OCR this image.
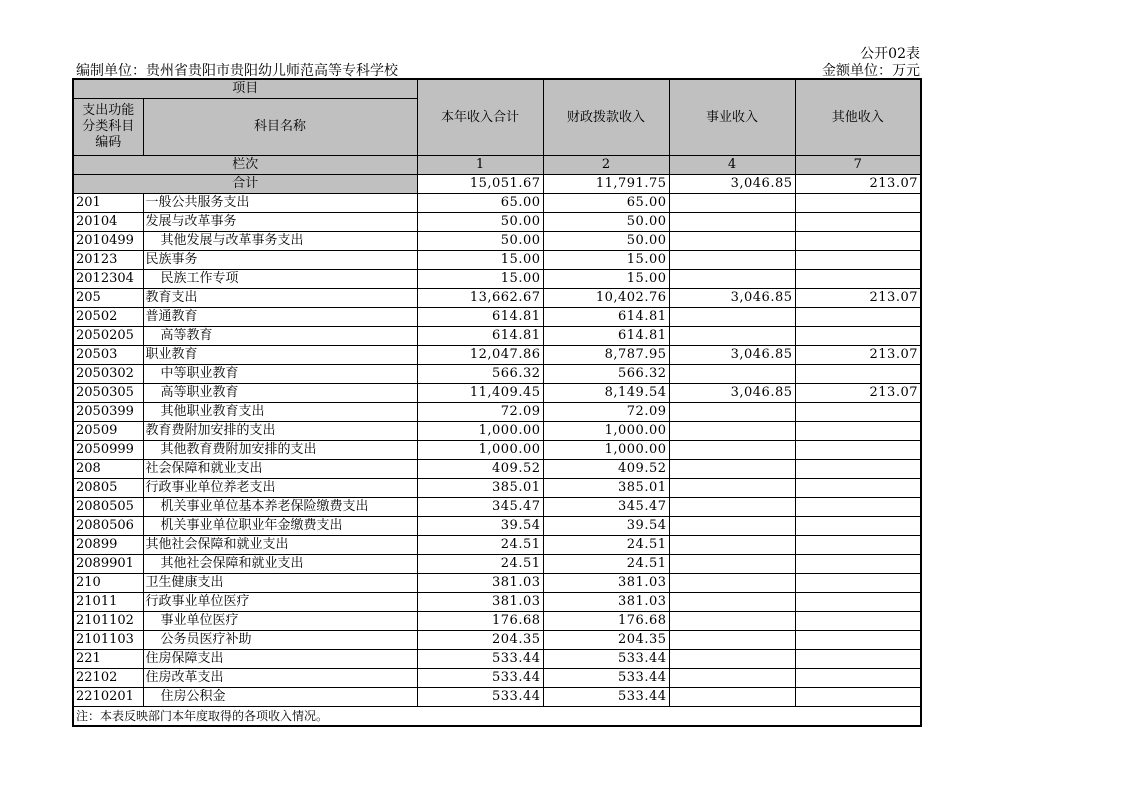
公开02表
编制单位：贵州省贵阳市贵阳幼儿师范高等专科学校	金额单位：万元
项目		本年收入合计	财政拨款收入	事业收入	其他收入
支出功能分类科目编码	科目名称				
栏次		1	2	4	7
合计		15,051.67	11,791.75	3,046.85	213.07
201	一般公共服务支出	65.00	65.00		
20104	发展与改革事务	50.00	50.00		
2010499	其他发展与改革事务支出	50.00	50.00		
20123	民族事务	15.00	15.00		
2012304	民族工作专项	15.00	15.00		
205	教育支出	13,662.67	10,402.76	3,046.85	213.07
20502	普通教育	614.81	614.81		
2050205	高等教育	614.81	614.81		
20503	职业教育	12,047.86	8,787.95	3,046.85	213.07
2050302	中等职业教育	566.32	566.32		
2050305	高等职业教育	11,409.45	8,149.54	3,046.85	213.07
2050399	其他职业教育支出	72.09	72.09		
20509	教育费附加安排的支出	1,000.00	1,000.00		
2050999	其他教育费附加安排的支出	1,000.00	1,000.00		
208	社会保障和就业支出	409.52	409.52		
20805	行政事业单位养老支出	385.01	385.01		
2080505	机关事业单位基本养老保险缴费支出	345.47	345.47		
2080506	机关事业单位职业年金缴费支出	39.54	39.54		
20899	其他社会保障和就业支出	24.51	24.51		
2089901	其他社会保障和就业支出	24.51	24.51		
210	卫生健康支出	381.03	381.03		
21011	行政事业单位医疗	381.03	381.03		
2101102	事业单位医疗	176.68	176.68		
2101103	公务员医疗补助	204.35	204.35		
221	住房保障支出	533.44	533.44		
22102	住房改革支出	533.44	533.44		
2210201	住房公积金	533.44	533.44		
注：本表反映部门本年度取得的各项收入情况。					
